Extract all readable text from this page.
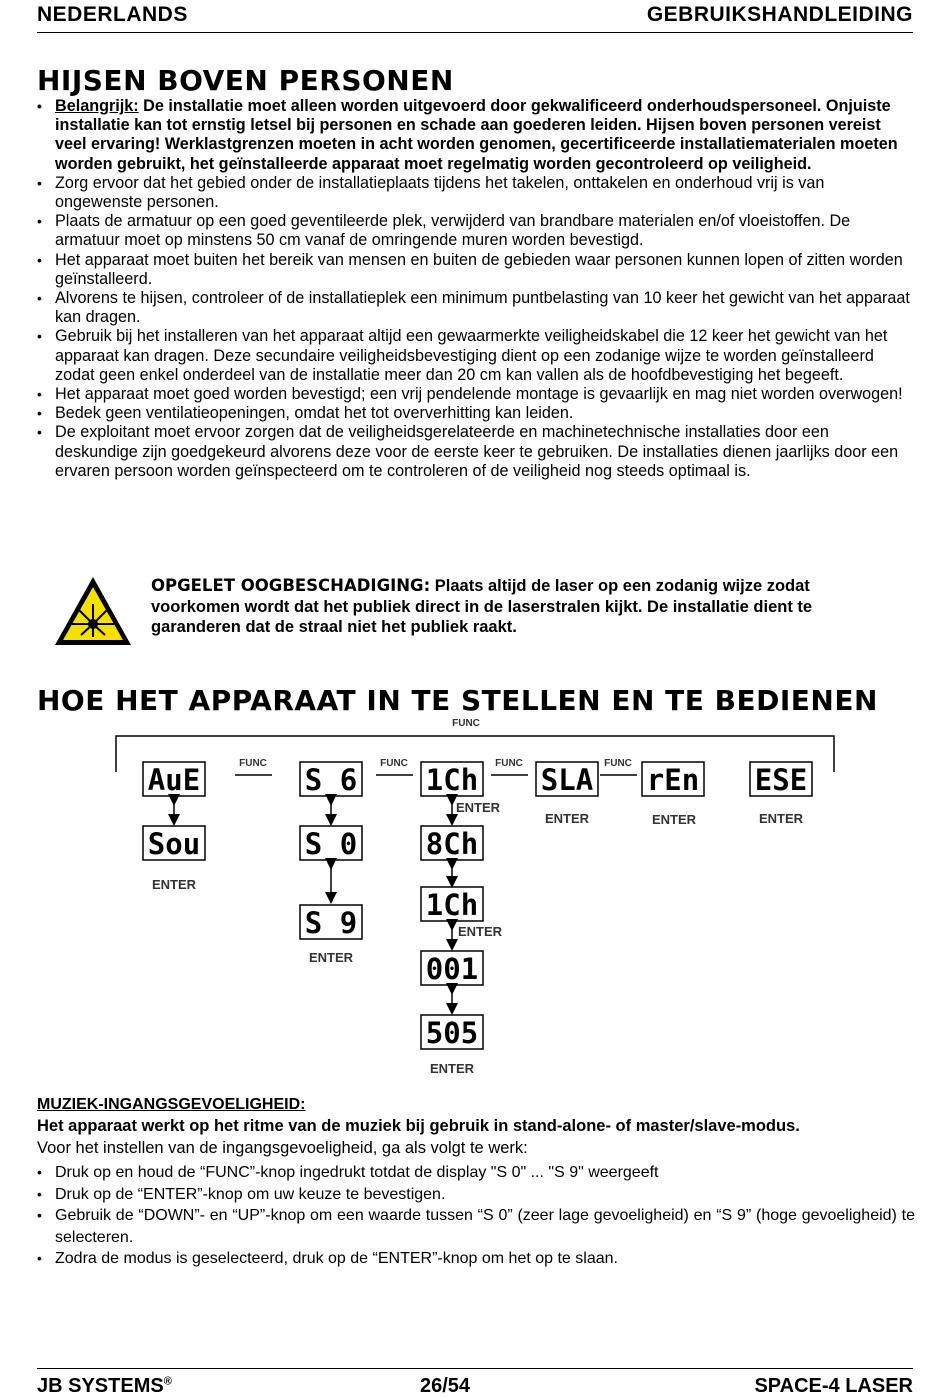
NEDERLANDS	GEBRUIKSHANDLEIDING
HIJSEN BOVEN PERSONEN
• Belangrijk: De installatie moet alleen worden uitgevoerd door gekwalificeerd onderhoudspersoneel. Onjuiste installatie kan tot ernstig letsel bij personen en schade aan goederen leiden. Hijsen boven personen vereist veel ervaring! Werklastgrenzen moeten in acht worden genomen, gecertificeerde installatiematerialen moeten worden gebruikt, het geïnstalleerde apparaat moet regelmatig worden gecontroleerd op veiligheid.
• Zorg ervoor dat het gebied onder de installatieplaats tijdens het takelen, onttakelen en onderhoud vrij is van ongewenste personen.
• Plaats de armatuur op een goed geventileerde plek, verwijderd van brandbare materialen en/of vloeistoffen. De armatuur moet op minstens 50 cm vanaf de omringende muren worden bevestigd.
• Het apparaat moet buiten het bereik van mensen en buiten de gebieden waar personen kunnen lopen of zitten worden geïnstalleerd.
• Alvorens te hijsen, controleer of de installatieplek een minimum puntbelasting van 10 keer het gewicht van het apparaat kan dragen.
• Gebruik bij het installeren van het apparaat altijd een gewaarmerkte veiligheidskabel die 12 keer het gewicht van het apparaat kan dragen. Deze secundaire veiligheidsbevestiging dient op een zodanige wijze te worden geïnstalleerd zodat geen enkel onderdeel van de installatie meer dan 20 cm kan vallen als de hoofdbevestiging het begeeft.
• Het apparaat moet goed worden bevestigd; een vrij pendelende montage is gevaarlijk en mag niet worden overwogen!
• Bedek geen ventilatieopeningen, omdat het tot oververhitting kan leiden.
• De exploitant moet ervoor zorgen dat de veiligheidsgerelateerde en machinetechnische installaties door een deskundige zijn goedgekeurd alvorens deze voor de eerste keer te gebruiken. De installaties dienen jaarlijks door een ervaren persoon worden geïnspecteerd om te controleren of de veiligheid nog steeds optimaal is.
OPGELET OOGBESCHADIGING: Plaats altijd de laser op een zodanig wijze zodat voorkomen wordt dat het publiek direct in de laserstralen kijkt. De installatie dient te garanderen dat de straal niet het publiek raakt.
HOE HET APPARAAT IN TE STELLEN EN TE BEDIENEN
FUNC
AuE	FUNC S 6 FUNC 1Ch FUNC SLA FUNC rEn ESE
Sou
ENTER
S 0
S 9
ENTER
ENTER
8Ch
1Ch
ENTER
001
505
ENTER
ENTER	ENTER	ENTER
MUZIEK-INGANGSGEVOELIGHEID:
Het apparaat werkt op het ritme van de muziek bij gebruik in stand-alone- of master/slave-modus.
Voor het instellen van de ingangsgevoeligheid, ga als volgt te werk:
• Druk op en houd de “FUNC”-knop ingedrukt totdat de display "S 0" ... "S 9" weergeeft
• Druk op de “ENTER”-knop om uw keuze te bevestigen.
• Gebruik de “DOWN”- en “UP”-knop om een waarde tussen “S 0” (zeer lage gevoeligheid) en “S 9” (hoge gevoeligheid) te selecteren.
• Zodra de modus is geselecteerd, druk op de “ENTER”-knop om het op te slaan.
JB SYSTEMS®	26/54	SPACE-4 LASER
